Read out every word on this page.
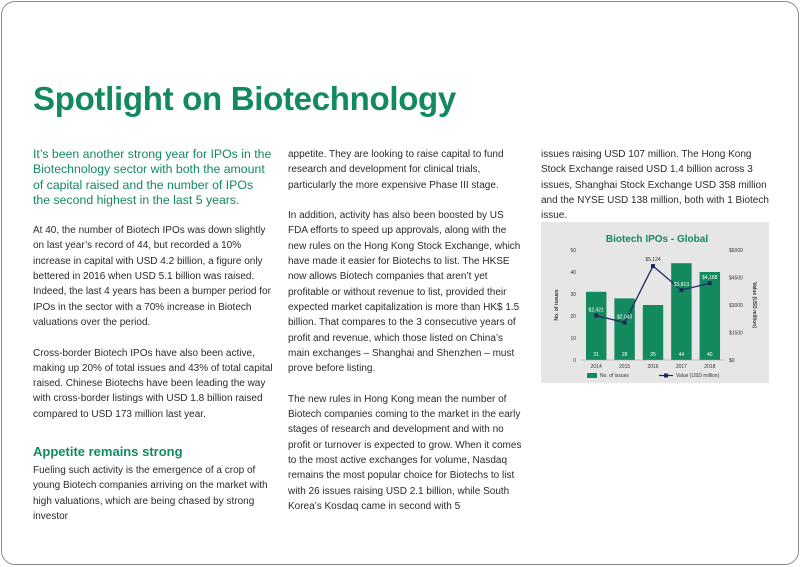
Spotlight on Biotechnology

It’s been another strong year for IPOs in the Biotechnology sector with both the amount of capital raised and the number of IPOs the second highest in the last 5 years.

At 40, the number of Biotech IPOs was down slightly on last year’s record of 44, but recorded a 10% increase in capital with USD 4.2 billion, a figure only bettered in 2016 when USD 5.1 billion was raised. Indeed, the last 4 years has been a bumper period for IPOs in the sector with a 70% increase in Biotech valuations over the period.

Cross-border Biotech IPOs have also been active, making up 20% of total issues and 43% of total capital raised. Chinese Biotechs have been leading the way with cross-border listings with USD 1.8 billion raised compared to USD 173 million last year.

Appetite remains strong

Fueling such activity is the emergence of a crop of young Biotech companies arriving on the market with high valuations, which are being chased by strong investor

appetite. They are looking to raise capital to fund research and development for clinical trials, particularly the more expensive Phase III stage.

In addition, activity has also been boosted by US FDA efforts to speed up approvals, along with the new rules on the Hong Kong Stock Exchange, which have made it easier for Biotechs to list. The HKSE now allows Biotech companies that aren’t yet profitable or without revenue to list, provided their expected market capitalization is more than HK$ 1.5 billion. That compares to the 3 consecutive years of profit and revenue, which those listed on China’s main exchanges – Shanghai and Shenzhen – must prove before listing.

The new rules in Hong Kong mean the number of Biotech companies coming to the market in the early stages of research and development and with no profit or turnover is expected to grow. When it comes to the most active exchanges for volume, Nasdaq remains the most popular choice for Biotechs to list with 26 issues raising USD 2.1 billion, while South Korea’s Kosdaq came in second with 5

issues raising USD 107 million. The Hong Kong Stock Exchange raised USD 1.4 billion across 3 issues, Shanghai Stock Exchange USD 358 million and the NYSE USD 138 million, both with 1 Biotech issue.

Biotech IPOs - Global
31	28	25	44	40
$2,421
$2,043
$5,124
$3,813
$4,188
0
10
20
30
40
50
$0
$1500
$3000
$4500
$6000
No. of issues	Value (USD million)
2014	2015	2016	2017	2018
No. of issues	Value (USD million)
